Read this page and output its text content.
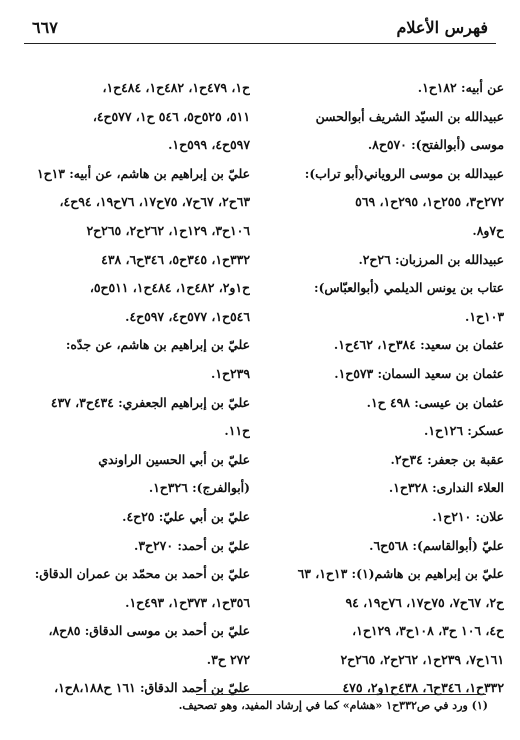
٦٦٧	فهرس الأعلام
عن أبيه: ١٨٢ح١.
عبيدالله بن السيّد الشريف أبوالحسن
موسى (أبوالفتح): ٥٧٠ح٨.
عبيدالله بن موسى الروياني(أبو تراب):
٢٧٢ح٣، ٢٥٥ح١، ٢٩٥ح١، ٥٦٩
ح٧و٨.
عبيدالله بن المرزبان: ٢٦ح٢.
عتاب بن يونس الديلمي (أبوالعبّاس):
١٠٣ح١.
عثمان بن سعيد: ٣٨٤ح١، ٤٦٢ح١.
عثمان بن سعيد السمان: ٥٧٣ح١.
عثمان بن عيسى: ٤٩٨ ح١.
عسكر: ١٢٦ح١.
عقبة بن جعفر: ٣٤ح٢.
العلاء الندارى: ٣٢٨ح١.
علان: ٢١٠ح١.
عليّ (أبوالقاسم): ٥٦٨ح٦.
عليّ بن إبراهيم بن هاشم(١): ١٣ح١، ٦٣
ح٢، ٦٧ح٧، ٧٥ح١٧، ٧٦ح١٩، ٩٤
ح٤، ١٠٦ ح٣، ١٠٨ح٣، ١٢٩ح١،
١٦١ح٧، ٢٣٩ح١، ٢٦٢ح٢، ٢٦٥ح٢
٣٣٢ح١، ٣٤٦ح٦، ٤٣٨ح١و٢، ٤٧٥
ح١، ٤٧٩ح١، ٤٨٢ح١، ٤٨٤ح١،
٥١١، ٥٢٥ح٥، ٥٤٦ ح١، ٥٧٧ح٤،
٥٩٧ح٤، ٥٩٩ح١.
عليّ بن إبراهيم بن هاشم، عن أبيه: ١٣ح١
٦٣ح٢، ٦٧ح٧، ٧٥ح١٧، ٧٦ح١٩، ٩٤ح٤،
١٠٦ح٣، ١٢٩ح١، ٢٦٢ح٢، ٢٦٥ح٢
٣٣٢ح١، ٣٤٥ح٥، ٣٤٦ح٦، ٤٣٨
ح١و٢، ٤٨٢ح١، ٤٨٤ح١، ٥١١ح٥،
٥٤٦ح١، ٥٧٧ح٤، ٥٩٧ح٤.
عليّ بن إبراهيم بن هاشم، عن جدّه:
٢٣٩ح١.
عليّ بن إبراهيم الجعفري: ٤٣٤ح٣، ٤٣٧
ح١١.
عليّ بن أبي الحسين الراوندي
(أبوالفرج): ٣٢٦ح١.
عليّ بن أبي عليّ: ٢٥ح٤.
عليّ بن أحمد: ٢٧٠ح٣.
عليّ بن أحمد بن محمّد بن عمران الدقاق:
٣٥٦ح١، ٣٧٣ح١، ٤٩٣ح١.
عليّ بن أحمد بن موسى الدقاق: ٨٥ح٨،
٢٧٢ ح٣.
عليّ بن أحمد الدقاق: ١٦١ ح٨،١٨٨ح١،
(١) ورد في ص٣٣٢ح١ «هشام» كما في إرشاد المفيد، وهو تصحيف.
